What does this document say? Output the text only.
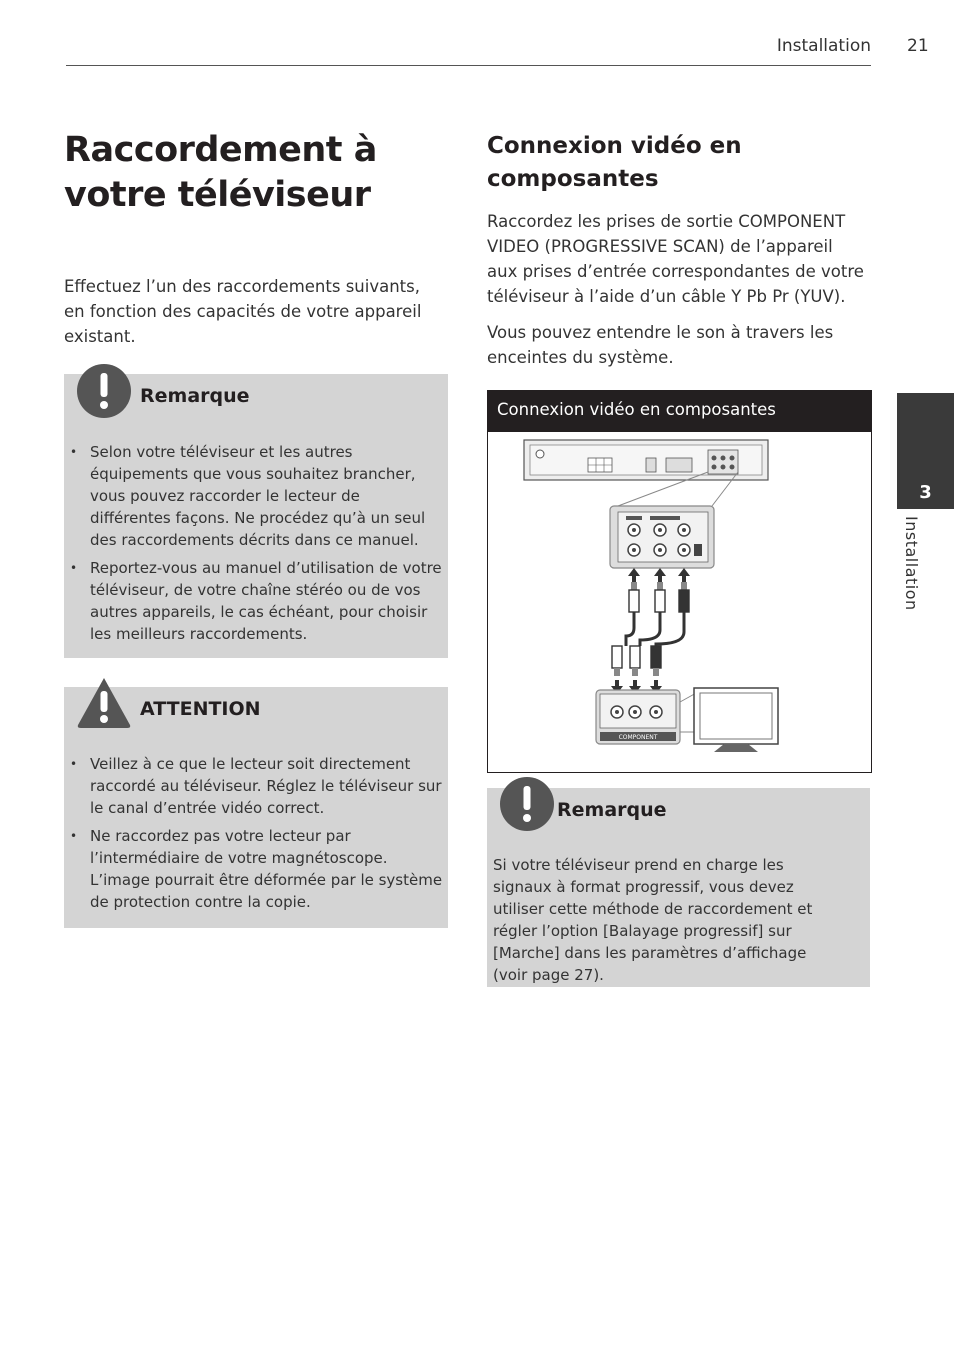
Installation 21
3
Installation
Raccordement à votre téléviseur

Effectuez l’un des raccordements suivants, en fonction des capacités de votre appareil existant.

Remarque
• Selon votre téléviseur et les autres équipements que vous souhaitez brancher, vous pouvez raccorder le lecteur de différentes façons. Ne procédez qu’à un seul des raccordements décrits dans ce manuel.
• Reportez-vous au manuel d’utilisation de votre téléviseur, de votre chaîne stéréo ou de vos autres appareils, le cas échéant, pour choisir les meilleurs raccordements.
ATTENTION
• Veillez à ce que le lecteur soit directement raccordé au téléviseur. Réglez le téléviseur sur le canal d’entrée vidéo correct.
• Ne raccordez pas votre lecteur par l’intermédiaire de votre magnétoscope. L’image pourrait être déformée par le système de protection contre la copie.
Connexion vidéo en composantes

Raccordez les prises de sortie COMPONENT VIDEO (PROGRESSIVE SCAN) de l’appareil aux prises d’entrée correspondantes de votre téléviseur à l’aide d’un câble Y Pb Pr (YUV).

Vous pouvez entendre le son à travers les enceintes du système.

Connexion vidéo en composantes
COMPONENT
Remarque

Si votre téléviseur prend en charge les signaux à format progressif, vous devez utiliser cette méthode de raccordement et régler l’option [Balayage progressif] sur [Marche] dans les paramètres d’affichage (voir page 27).
